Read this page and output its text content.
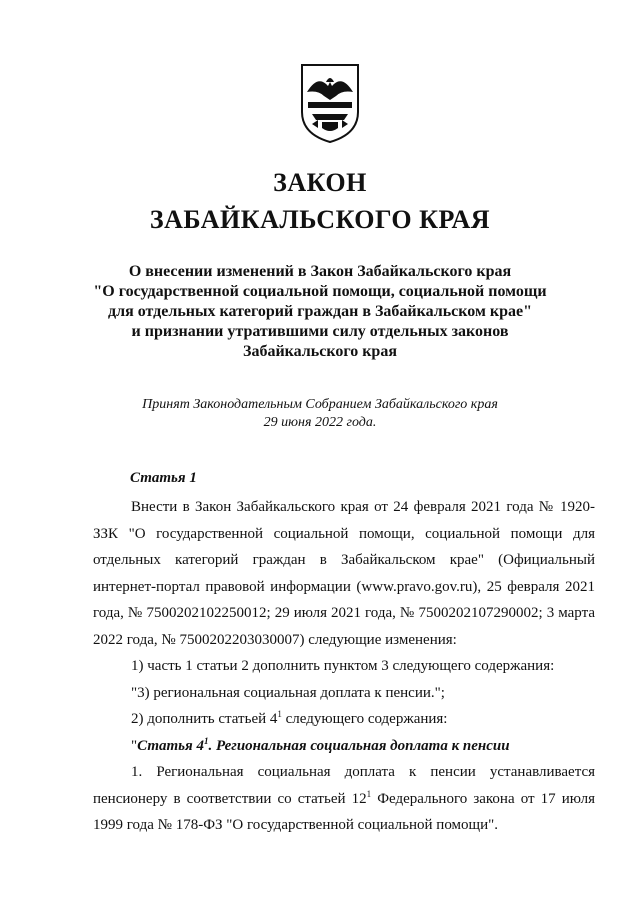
ЗАКОН
ЗАБАЙКАЛЬСКОГО КРАЯ
О внесении изменений в Закон Забайкальского края
"О государственной социальной помощи, социальной помощи
для отдельных категорий граждан в Забайкальском крае"
и признании утратившими силу отдельных законов
Забайкальского края
Принят Законодательным Собранием Забайкальского края
29 июня 2022 года.
Статья 1

Внести в Закон Забайкальского края от 24 февраля 2021 года № 1920-ЗЗК "О государственной социальной помощи, социальной помощи для отдельных категорий граждан в Забайкальском крае" (Официальный интернет-портал правовой информации (www.pravo.gov.ru), 25 февраля 2021 года, № 7500202102250012; 29 июля 2021 года, № 7500202107290002; 3 марта 2022 года, № 7500202203030007) следующие изменения:

1) часть 1 статьи 2 дополнить пунктом 3 следующего содержания:

"3) региональная социальная доплата к пенсии.";

2) дополнить статьей $4^1$ следующего содержания:

"Статья $4^1$. Региональная социальная доплата к пенсии

1. Региональная социальная доплата к пенсии устанавливается пенсионеру в соответствии со статьей $12^1$ Федерального закона от 17 июля 1999 года № 178-ФЗ "О государственной социальной помощи".
